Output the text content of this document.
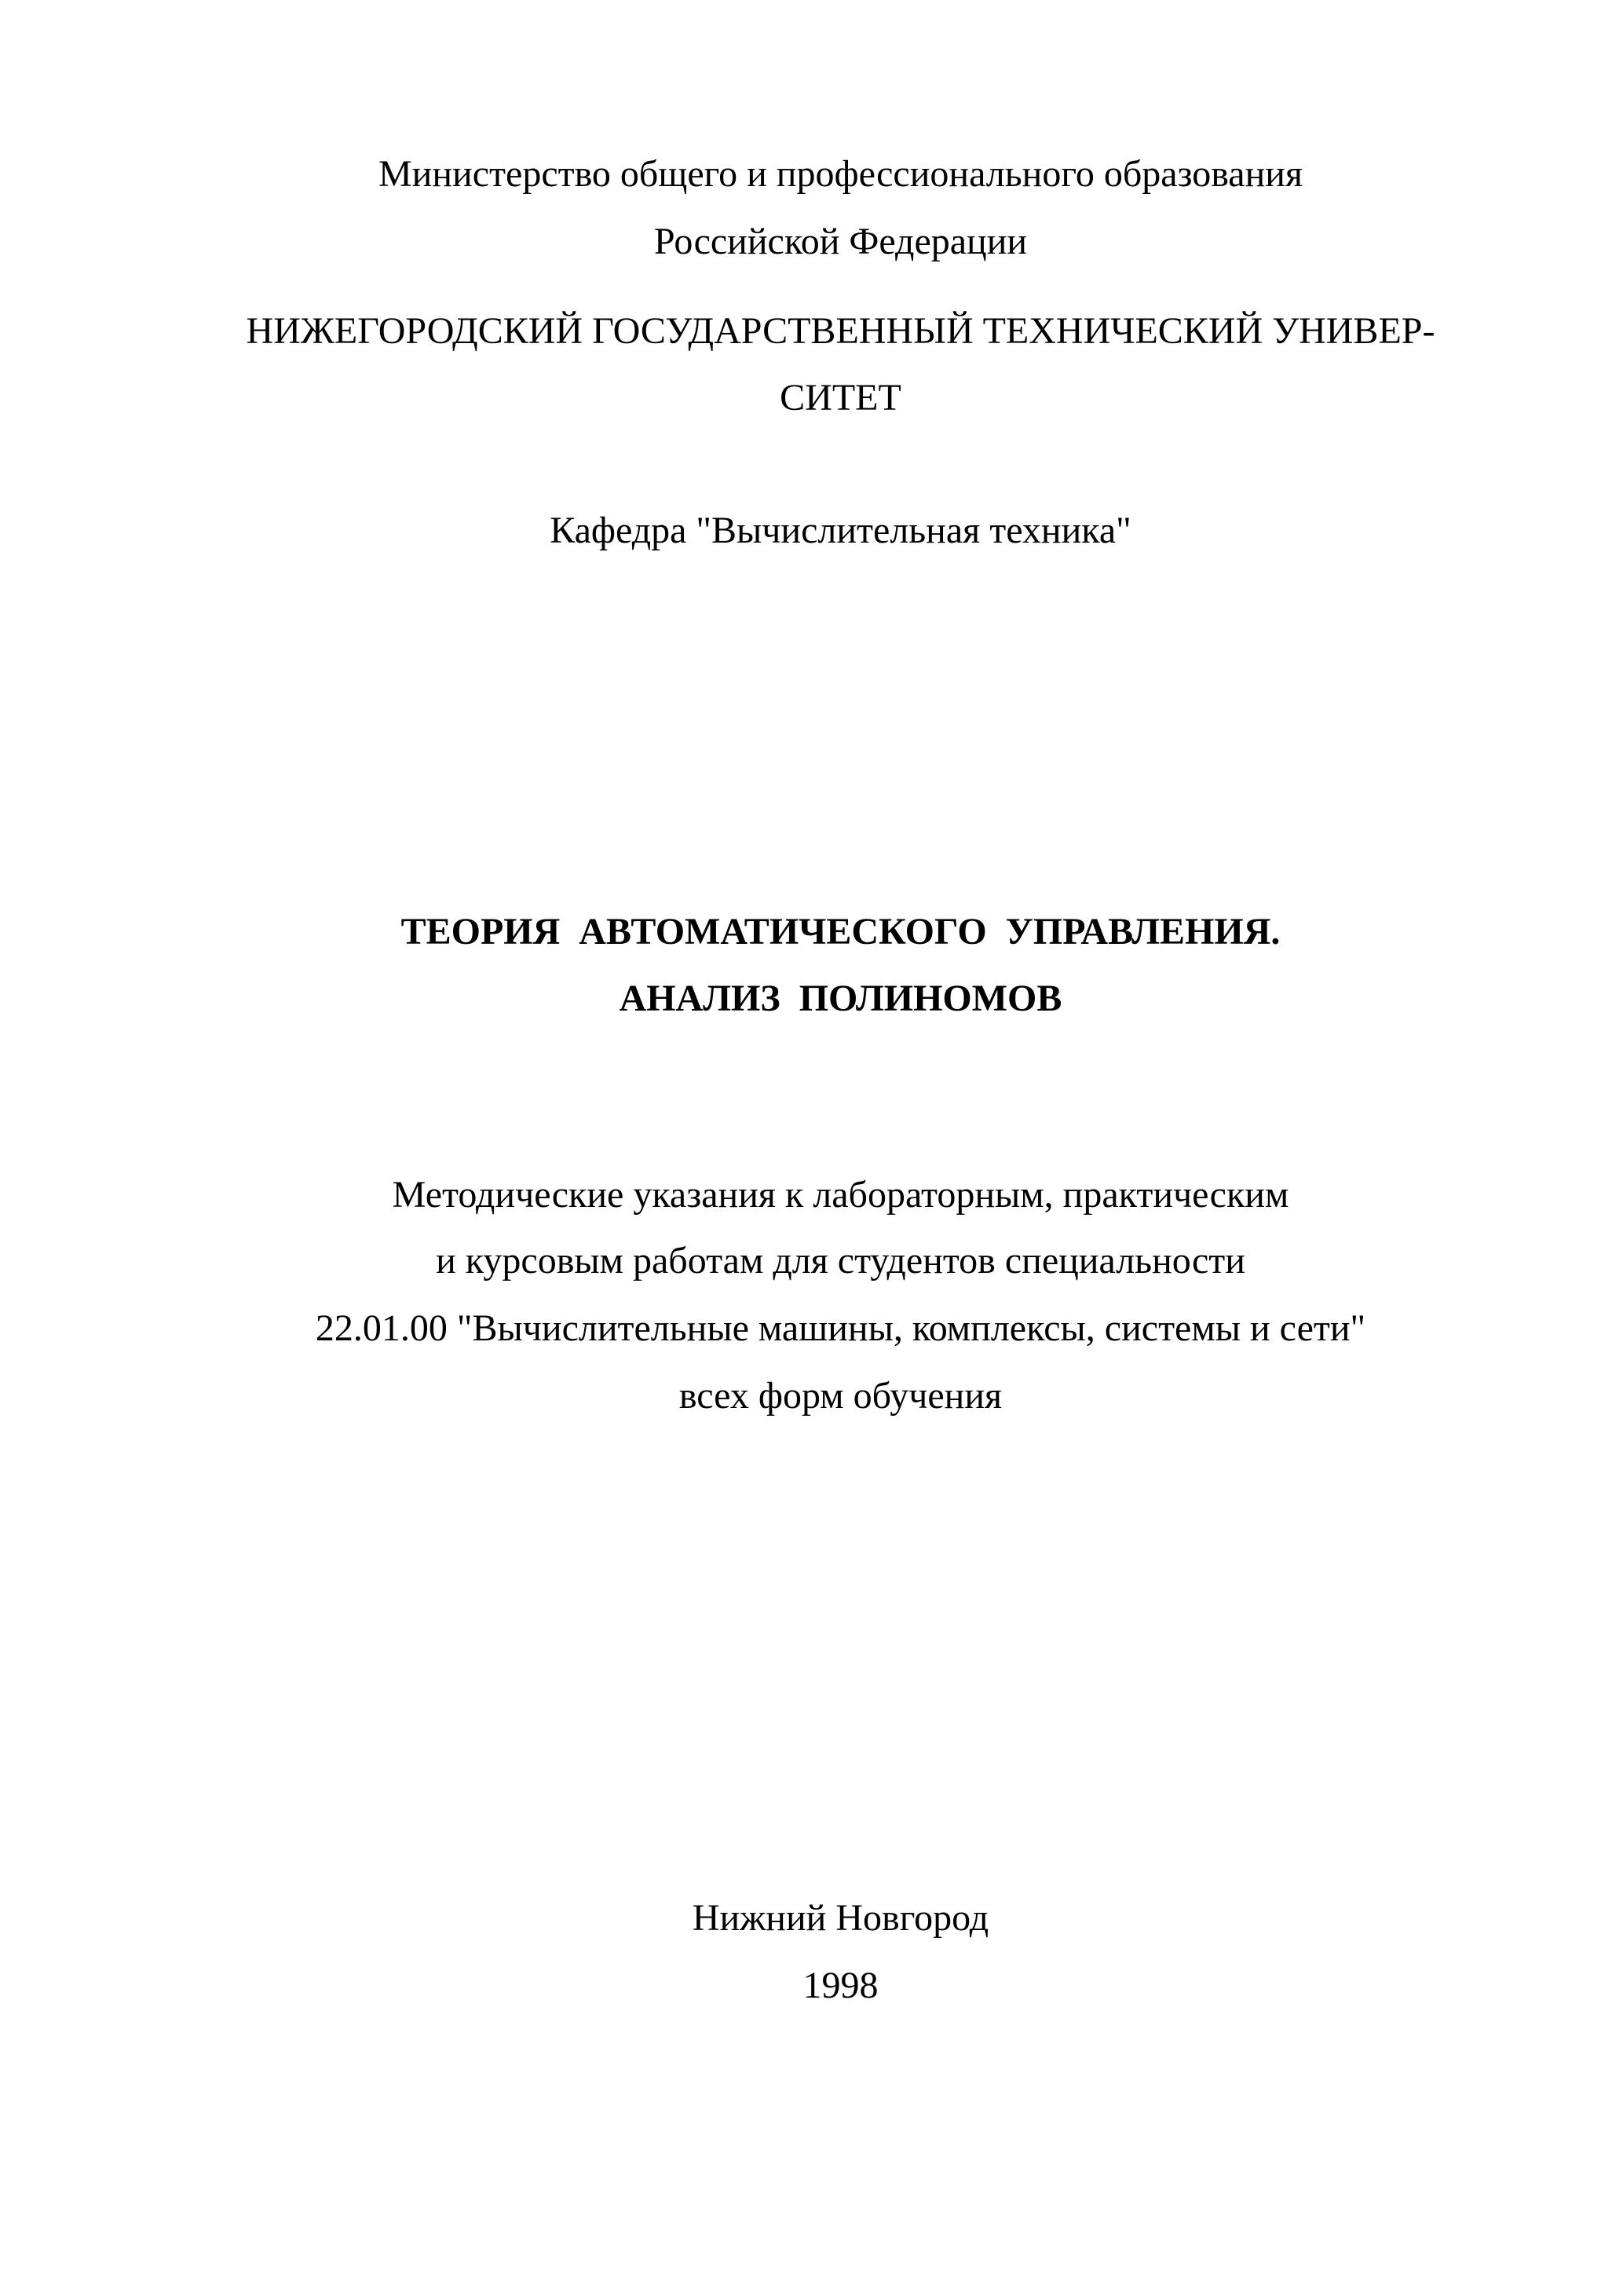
Министерство общего и профессионального образования
Российской Федерации
НИЖЕГОРОДСКИЙ ГОСУДАРСТВЕННЫЙ ТЕХНИЧЕСКИЙ УНИВЕР-
СИТЕТ
Кафедра "Вычислительная техника"
ТЕОРИЯ  АВТОМАТИЧЕСКОГО  УПРАВЛЕНИЯ.
АНАЛИЗ  ПОЛИНОМОВ
Методические указания к лабораторным, практическим
и курсовым работам для студентов специальности
22.01.00 "Вычислительные машины, комплексы, системы и сети"
всех форм обучения
Нижний Новгород
1998
